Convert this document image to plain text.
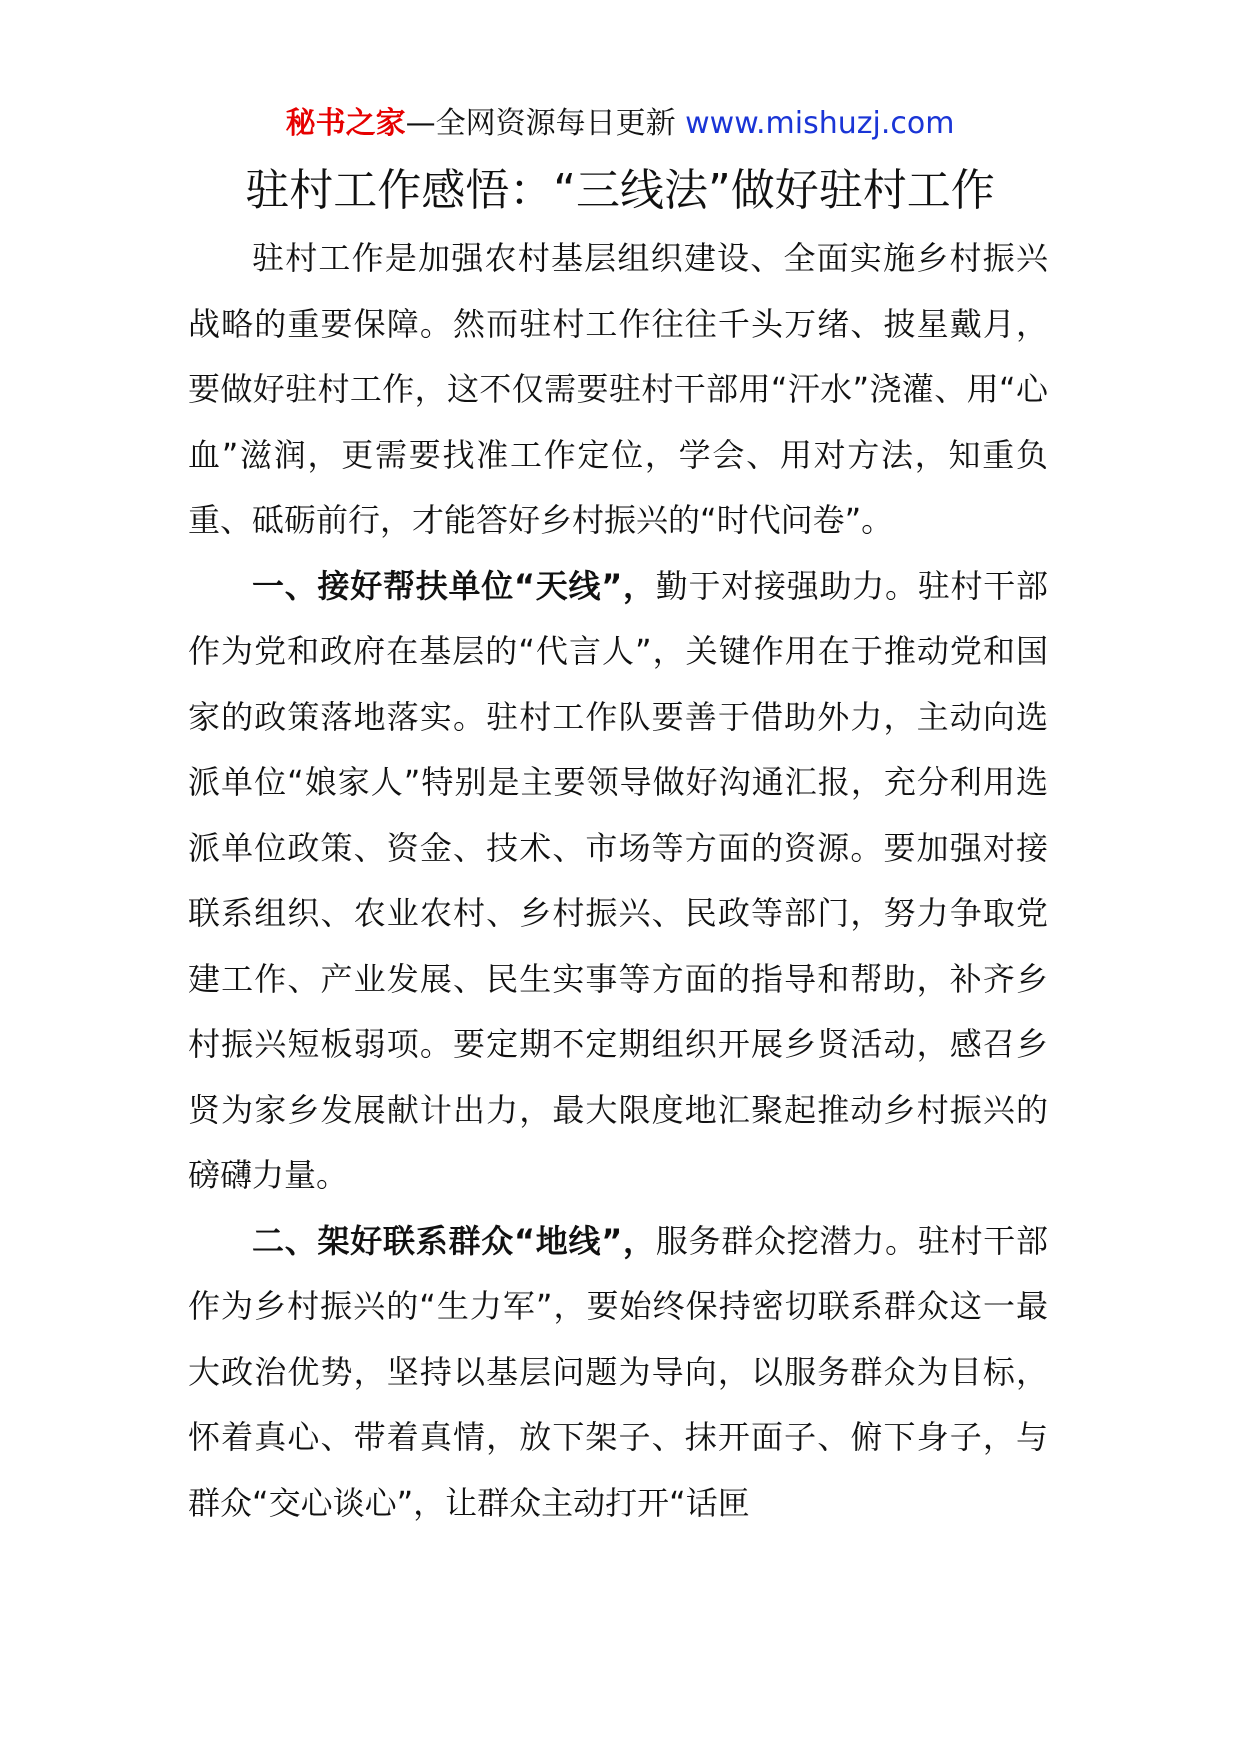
秘书之家—全网资源每日更新 www.mishuzj.com
驻村工作感悟：“三线法”做好驻村工作

驻村工作是加强农村基层组织建设、全面实施乡村振兴战略的重要保障。然而驻村工作往往千头万绪、披星戴月，要做好驻村工作，这不仅需要驻村干部用“汗水”浇灌、用“心血”滋润，更需要找准工作定位，学会、用对方法，知重负重、砥砺前行，才能答好乡村振兴的“时代问卷”。

一、接好帮扶单位“天线”，勤于对接强助力。驻村干部作为党和政府在基层的“代言人”，关键作用在于推动党和国家的政策落地落实。驻村工作队要善于借助外力，主动向选派单位“娘家人”特别是主要领导做好沟通汇报，充分利用选派单位政策、资金、技术、市场等方面的资源。要加强对接联系组织、农业农村、乡村振兴、民政等部门，努力争取党建工作、产业发展、民生实事等方面的指导和帮助，补齐乡村振兴短板弱项。要定期不定期组织开展乡贤活动，感召乡贤为家乡发展献计出力，最大限度地汇聚起推动乡村振兴的磅礴力量。

二、架好联系群众“地线”，服务群众挖潜力。驻村干部作为乡村振兴的“生力军”，要始终保持密切联系群众这一最大政治优势，坚持以基层问题为导向，以服务群众为目标，怀着真心、带着真情，放下架子、抹开面子、俯下身子，与群众“交心谈心”，让群众主动打开“话匣
